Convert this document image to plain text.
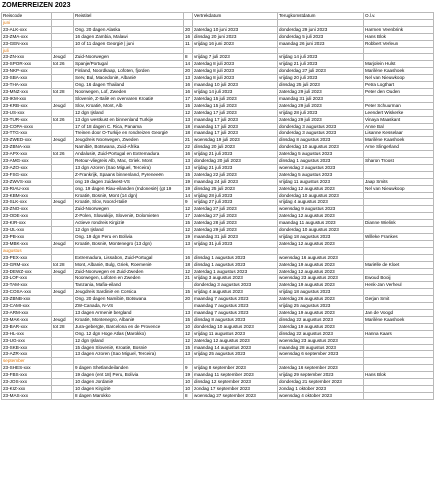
ZOMERREIZEN 2023
Reiscode		Reistitel		Vertrekdatum	Terugkomstdatum	O.l.v.
juni						
23-ALK-xxx		Ong. 20 dagen Alaska	20	zaterdag 10 juni 2023	donderdag 29 juni 2023	Harmen Veenbrink
23-ZMA-xxx		16 dagen Zambia, Malawi	16	dinsdag 20 juni 2023	donderdag 5 juli 2023	Hans Blok
23-GEN-xxx		10 of 11 dagen Georgië | juni	11	vrijdag 16 juni 2023	maandag 26 juni 2023	Robbert Verleun
juli						
23-ZN-xxx	Jeugd	Zuid-Noorwegen	8	vrijdag 7 juli 2023	vrijdag 14 juli 2023	
23-SPOR-xxx	tot 26	Spanje/Portugal	14	zaterdag 8 juli 2023	vrijdag 21 juli 2023	Marjolein Hulst
23-NKP-xxx		Finland, Noordkaap, Lofoten, fjorden	20	zaterdag 8 juli 2023	donderdag 27 juli 2023	Marilène Kaashoek
23-SBA-xxx		Serv, Bul, Macedonië, Albanië	13	zaterdag 8 juli 2023	vrijdag 20 juli 2023	Nel van Nieuwkoop
23-THA-xxx		Ong. 16 dagen Thailand	16	maandag 10 juli 2023	dinsdag 25 juli 2023	Petra Logthart
23-MNZ-xxx	tot 28	Noorwegen, Lof, Zweden	16	vrijdag 14 juli 2023	zaterdag 29 juli 2023	Peter den Ouden
23-IKM-xxx		Slovenië, Z-Italië en overvaren Kroatië	17	zaterdag 15 juli 2023	maandag 31 juli 2023	
23-KRB-xxx	Jeugd	Slov, Kroatië, Mont, Alb	15	zaterdag 15 juli 2023	zaterdag 29 juli 2023	Peter Schuurman
23-US-xxx		12 dgn Ijsland	12	zaterdag 17 juli 2023	vrijdag 28 juli 2023	Leendert Wiskerke
23-TUR-xxx	tot 26	13 dgn westkust en binnenland Turkije	13	maandag 17 juli 2023	zaterdag 29 juli 2023	Vinaya Maaskant
23-COPA-xxxx		17 of 18 dagen C. Rica, Panama	18	maandag 17 juli 2023	donderdag 3 augustus 2023	Anne Bal
23-TTG-xxx		Treinen door O-Turkije en rondreizen Georgië	18	maandag 17 juli 2023	donderdag 3 augustus 2023	Lisanne Kesselaar
23-ZWED-xxx	Jeugd	Jeugdreis Noorwegen, Zweden	21	woensdag 19 juli 2023	dinsdag 8 augustus 2023	Marilène Kaashoek
23-ZBNA-xxx		Namibië, Botswana, Zuid-Afrika	22	dinsdag 20 juli 2023	donderdag 10 augustus 2023	Arne Slingerland
23-APX-xxx	tot 26	Andalusië, Zuid-Portugal en Extremadura	16	vrijdag 21 juli 2023	zaterdag 5 augustus 2023	
23-AMG-xxx		Retour-vliegreis Alb, Mac, Griek. Mont	13	donderdag 20 juli 2023	dinsdag 1 augustus 2023	Sharon Troost
23-AZO-xxx		13 dgn Azoren (Sao Miguel, Terceira)	13	vrijdag 21 juli 2023	woensdag 2 augustus 2023	
23-FSG-xxx		Z-Frankrijk, Spaans binnenland, Pyreneeën	15	zaterdag 22 juli 2023	zaterdag 5 augustus 2023	
23-ZWVS-xxx		ong 19 dagen zuidwest-VS	19	maandag 24 juli 2023	vrijdag 11 augustus 2023	Jaap Smits
23-RIAU-xxx		ong. 19 dagen Riau-eilanden (Indonesië) (gt 19	19	dinsdag 25 juli 2023	zaterdag 12 augustus 2023	Nel van Nieuwkoop
23-KBM-xxx		Kroatië, Bosnië, Mont (14 dgn)	14	vrijdag 28 juli 2023	donderdag 10 augustus 2023	
23-SLK-xxx	Jeugd	Kroatië, Slov, Noord-Italië	9	vrijdag 27 juli 2023	vrijdag 4 augustus 2023	
23-ZNO-xxx		Zuid-Noorwegen	12	zaterdag 27 juli 2023	woensdag 9 augustus 2023	
23-ODE-xxx		Z-Polen, Slowakije, Slovenië, Dolomieten	17	zaterdag 27 juli 2023	zaterdag 12 augustus 2023	
23-KIR-xxx		Actieve rondreis Kirgizië	15	zaterdag 28 juli 2023	maandag 11 augustus 2023	Dianne Wielink
23-IJL-xxx		12 dgn Ijsland	12	zaterdag 29 juli 2023	donderdag 10 augustus 2023	
23-PB-xxx		Ong. 19 dgn Peru en Bolivia	19	maandag 31 juli 2023	vrijdag 18 augustus 2023	Willeke Frankes
23-MBK-xxx	Jeugd	Kroatië, Bosnië, Montenegro (13 dgn)	13	vrijdag 31 juli 2023	zaterdag 12 augustus 2023	
augustus						
23-PEX-xxx		Extremadura, Lissabon, Zuid-Portugal	16	dinsdag 1 augustus 2023	woensdag 16 augustus 2023	
23-GRM-xxx	tot 28	Mont, Albanië, Bulg, Griek, Roemenië	18	dinsdag 1 augustus 2023	zaterdag 19 augustus 2023	Mariëlle de Kloet
23-DEWZ-xxx	Jeugd	Zuid-Noorwegen en Zuid-Zweden	12	zaterdag 1 augustus 2023	zaterdag 12 augustus 2023	
23-LOF-xxx		Noorwegen, Lofoten en Zweden	21	vrijdag 3 augustus 2023	woensdag 23 augustus 2023	Ewoud Booij
23-TAM-xxx		Tanzania, Mafia-eiland		donderdag 3 augustus 2023	zaterdag 19 augustus 2023	Henk-Jan Verheul
23-COSA-xxx	Jeugd	Jeugdreis Sardinië en Corsica	15	vrijdag 4 augustus 2023	vrijdag 18 augustus 2023	
23-ZBNB-xxx		Ong. 20 dagen Namibië, Botswana	20	maandag 7 augustus 2023	zaterdag 26 augustus 2023	Gerjan Smit
23-CAMI-xxx		ZW-Canada, N-VS		maandag 7 augustus 2023	vrijdag 25 augustus 2023	
23-ARM-xxx		13 dagen Armenië bergland	13	maandag 7 augustus 2023	zaterdag 19 augustus 2023	Jan de Voogd
23-MAK-xxx	Jeugd	Kroatië, Montenegro, Albanië	15	dinsdag 8 augustus 2023	dinsdag 22 augustus 2023	Marilène Kaashoek
23-BAR-xxx	tot 28	Jura-gebergte, Barcelona en de Provence	10	donderdag 10 augustus 2023	zaterdag 19 augustus 2023	
23-HL-xxx		Ong. 12 dgn Hoge Atlas (Marokko)	12	vrijdag 11 augustus 2023	dinsdag 22 augustus 2023	Hanna Kaars
23-UG-xxx		12 dgn Ijsland	12	zaterdag 12 augustus 2023	woensdag 23 augustus 2023	
23-SKB-xxx		15 dagen Slovenië, Kroatië, Bosnië	15	maandag 14 augustus 2023	maandag 28 augustus 2023	
23-AZR-xxx		13 dagen Azoren (Sao Miguel, Terceira)	13	vrijdag 25 augustus 2023	woensdag 6 september 2023	
september						
23-SHES-xxx		9 dagen Shetlandeilanden	9	vrijdag 8 september 2023	zaterdag 16 september 2023	
23-FBS-xxx		19 dagen (ent 18) Peru, Bolivia	19	maandag 11 september 2023	vrijdag 29 september 2023	Hans Blok
23-JOS-xxx		10 dagen Jordanië	10	dinsdag 12 september 2023	donderdag 21 september 2023	
23-KIZ-xxx		10 dagen Kirgizië	10	zondag 17 september 2023	zondag 1 oktober 2023	
23-MAS-xxx		8 dagen Marokko	8	woensdag 27 september 2023	woensdag 4 oktober 2023	
